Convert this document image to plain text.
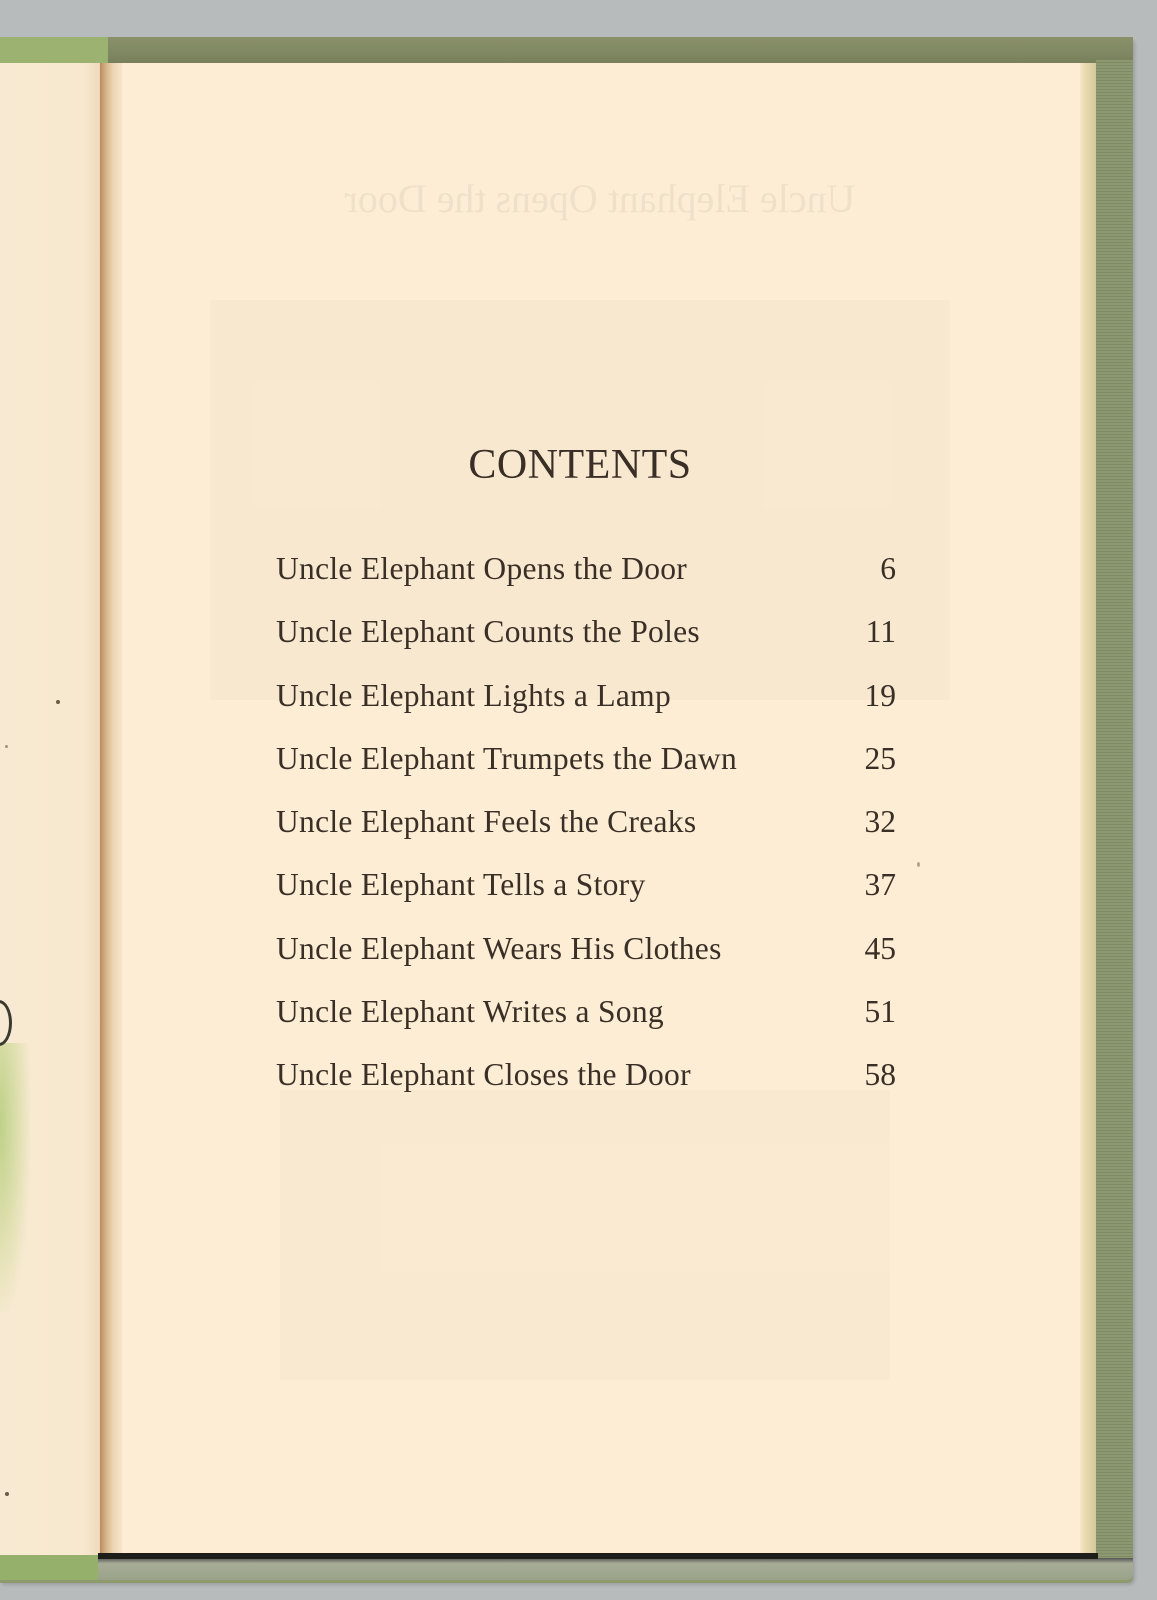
Uncle Elephant Opens the Door
CONTENTS
Uncle Elephant Opens the Door	6
Uncle Elephant Counts the Poles	11
Uncle Elephant Lights a Lamp	19
Uncle Elephant Trumpets the Dawn	25
Uncle Elephant Feels the Creaks	32
Uncle Elephant Tells a Story	37
Uncle Elephant Wears His Clothes	45
Uncle Elephant Writes a Song	51
Uncle Elephant Closes the Door	58
